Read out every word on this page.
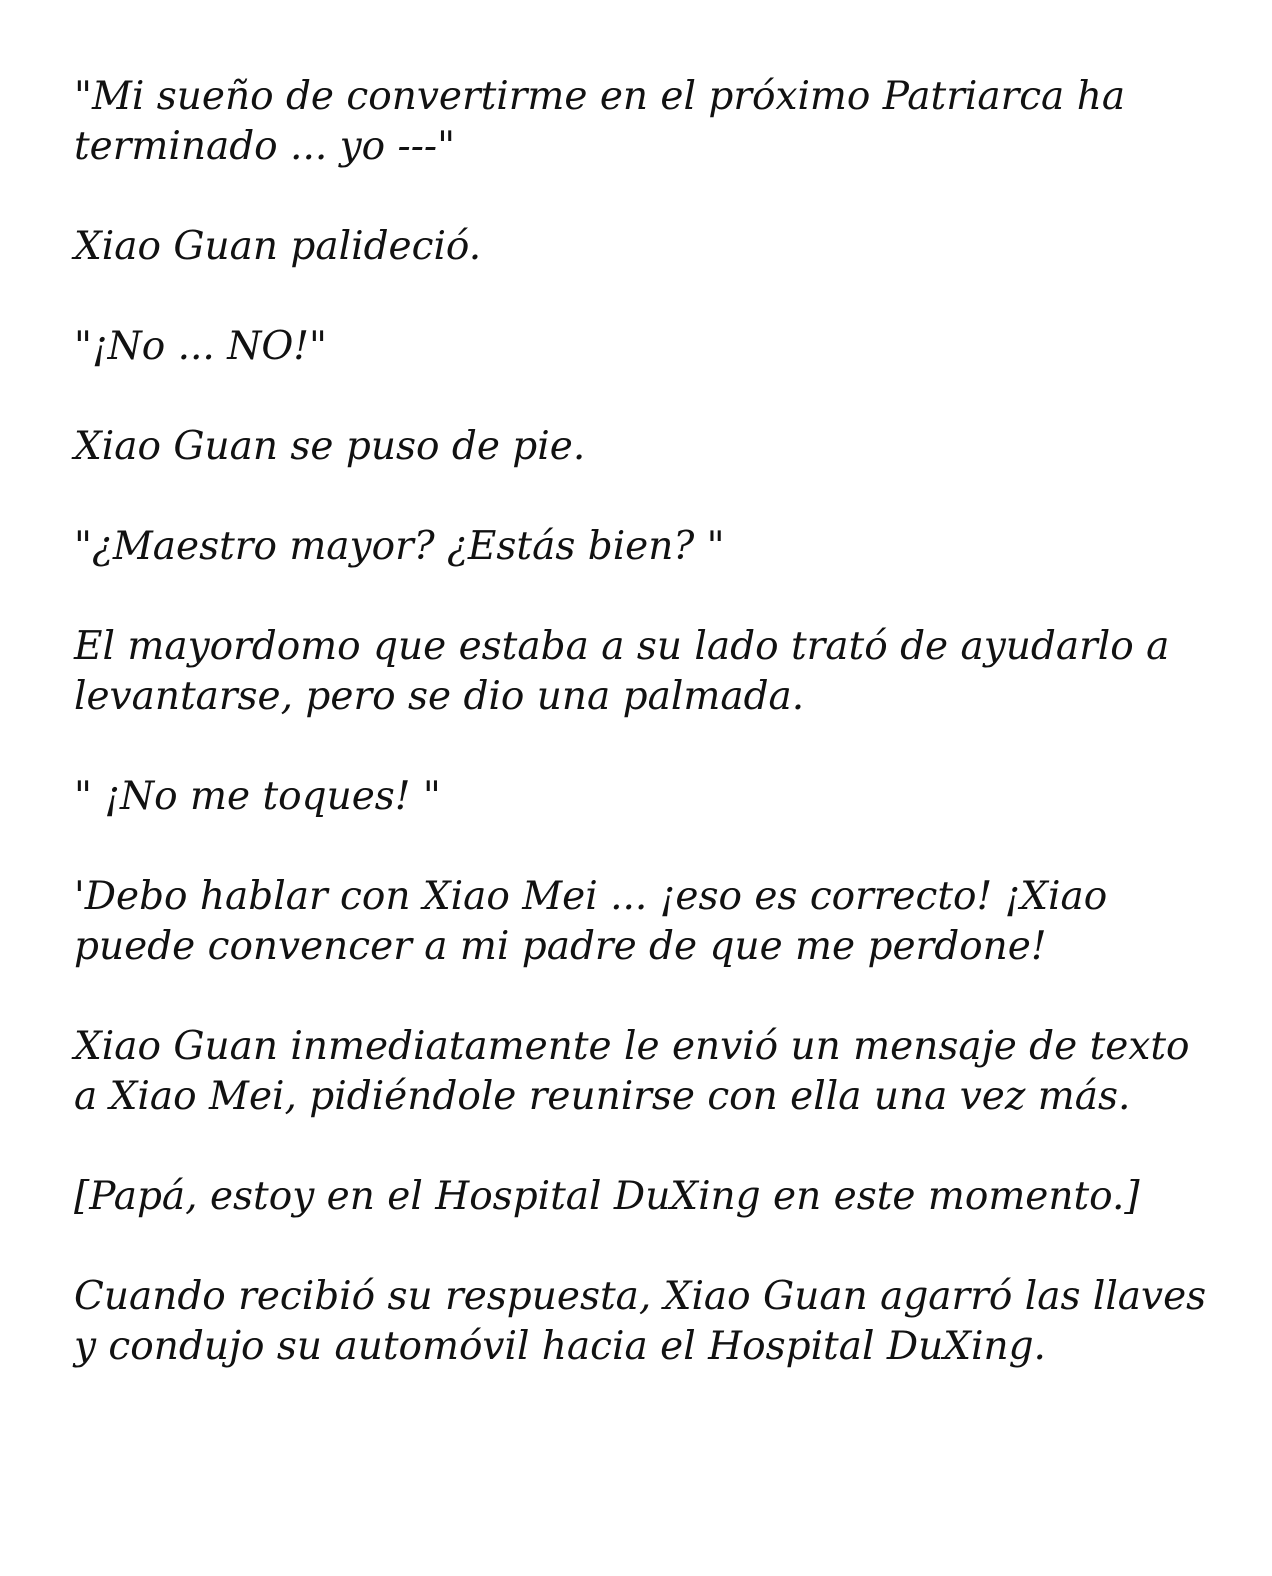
"Mi sueño de convertirme en el próximo Patriarca ha terminado ... yo ---"

Xiao Guan palideció.

"¡No ... NO!"

Xiao Guan se puso de pie.

"¿Maestro mayor? ¿Estás bien? "

El mayordomo que estaba a su lado trató de ayudarlo a levantarse, pero se dio una palmada.

" ¡No me toques! "

'Debo hablar con Xiao Mei ... ¡eso es correcto! ¡Xiao puede convencer a mi padre de que me perdone!

Xiao Guan inmediatamente le envió un mensaje de texto a Xiao Mei, pidiéndole reunirse con ella una vez más.

[Papá, estoy en el Hospital DuXing en este momento.]

Cuando recibió su respuesta, Xiao Guan agarró las llaves y condujo su automóvil hacia el Hospital DuXing.
